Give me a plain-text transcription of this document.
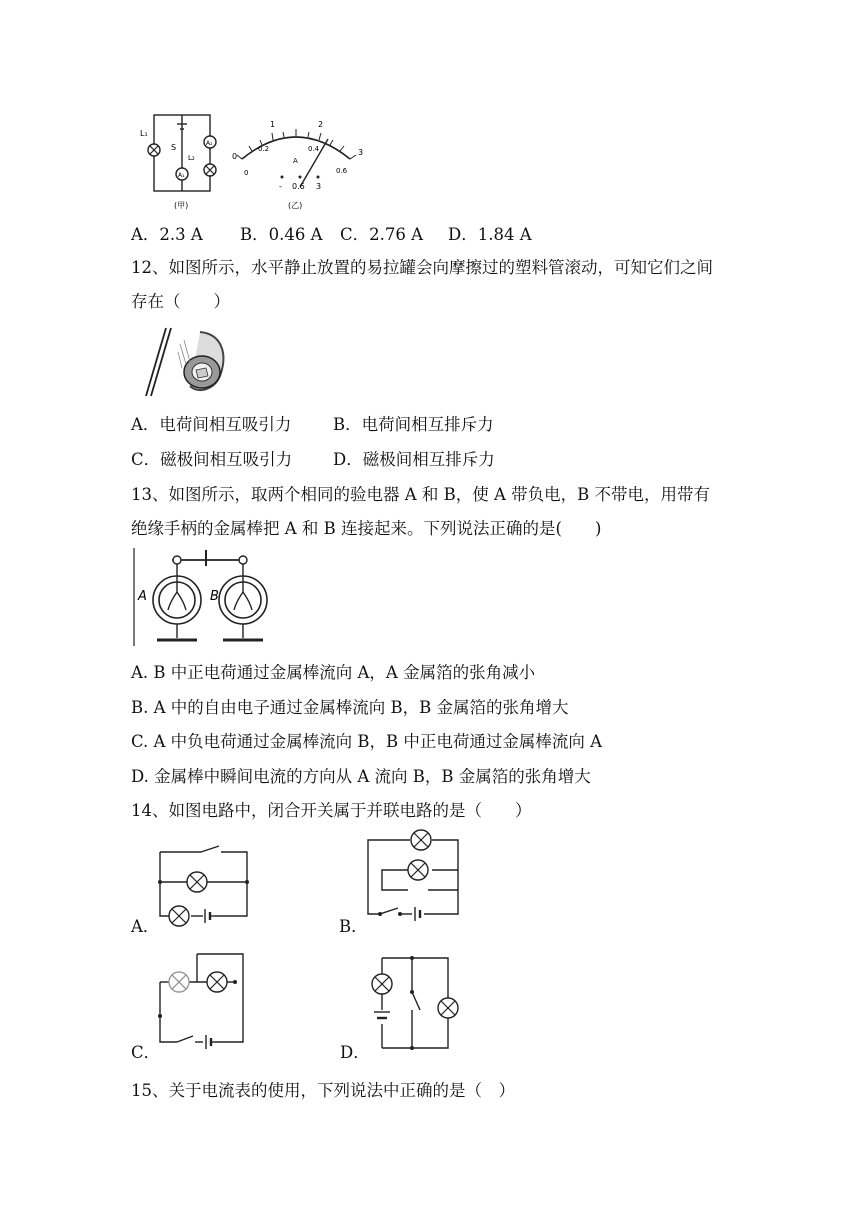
L₁
S
L₂
A₂
A₁
(甲)
0
1	2
3
0
0.2	0.4
0.6
A
- 0.6 3
(乙)
A．2.3 A B．0.46 A C．2.76 A D．1.84 A
12、如图所示，水平静止放置的易拉罐会向摩擦过的塑料管滚动，可知它们之间
存在（　　）
A．电荷间相互吸引力	B．电荷间相互排斥力
C．磁极间相互吸引力 D．磁极间相互排斥力
13、如图所示，取两个相同的验电器 A 和 B，使 A 带负电，B 不带电，用带有
绝缘手柄的金属棒把 A 和 B 连接起来。下列说法正确的是(　　)
A	B
A. B 中正电荷通过金属棒流向 A，A 金属箔的张角减小
B. A 中的自由电子通过金属棒流向 B，B 金属箔的张角增大
C. A 中负电荷通过金属棒流向 B，B 中正电荷通过金属棒流向 A
D. 金属棒中瞬间电流的方向从 A 流向 B，B 金属箔的张角增大
14、如图电路中，闭合开关属于并联电路的是（　　）
A．	B．
C．	D．
15、关于电流表的使用，下列说法中正确的是（　）
